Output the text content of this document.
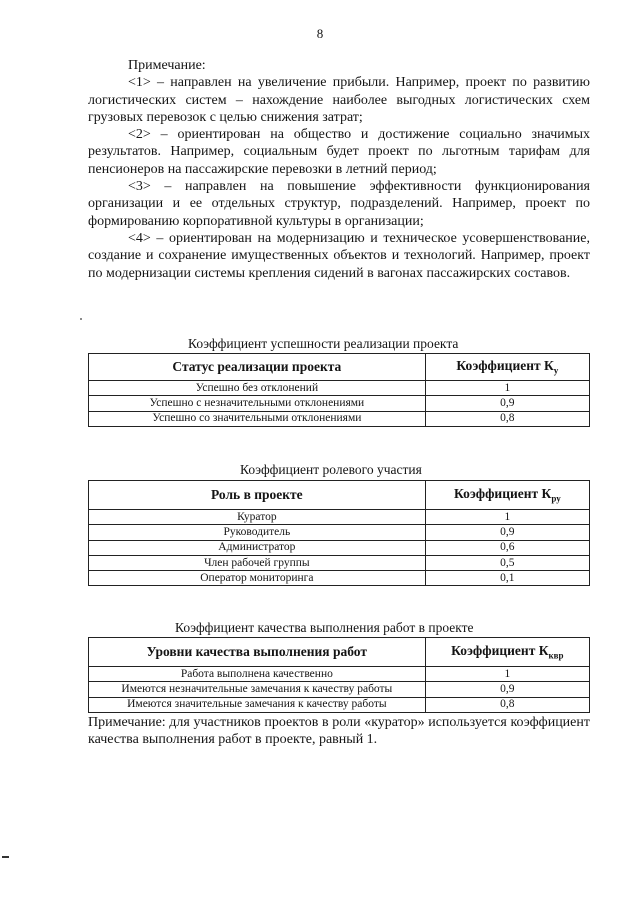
8

Примечание:

<1> – направлен на увеличение прибыли. Например, проект по развитию логистических систем – нахождение наиболее выгодных логистических схем грузовых перевозок с целью снижения затрат;

<2> – ориентирован на общество и достижение социально значимых результатов. Например, социальным будет проект по льготным тарифам для пенсионеров на пассажирские перевозки в летний период;

<3> – направлен на повышение эффективности функционирования организации и ее отдельных структур, подразделений. Например, проект по формированию корпоративной культуры в организации;

<4> – ориентирован на модернизацию и техническое усовершенствование, создание и сохранение имущественных объектов и технологий. Например, проект по модернизации системы крепления сидений в вагонах пассажирских составов.

Коэффициент успешности реализации проекта
Статус реализации проекта	Коэффициент $К_у$
Успешно без отклонений	1
Успешно с незначительными отклонениями	0,9
Успешно со значительными отклонениями	0,8
Коэффициент ролевого участия
Роль в проекте	Коэффициент $К_{ру}$
Куратор	1
Руководитель	0,9
Администратор	0,6
Член рабочей группы	0,5
Оператор мониторинга	0,1
Коэффициент качества выполнения работ в проекте
Уровни качества выполнения работ	Коэффициент $К_{квр}$
Работа выполнена качественно	1
Имеются незначительные замечания к качеству работы	0,9
Имеются значительные замечания к качеству работы	0,8

Примечание: для участников проектов в роли «куратор» используется коэффициент качества выполнения работ в проекте, равный 1.
